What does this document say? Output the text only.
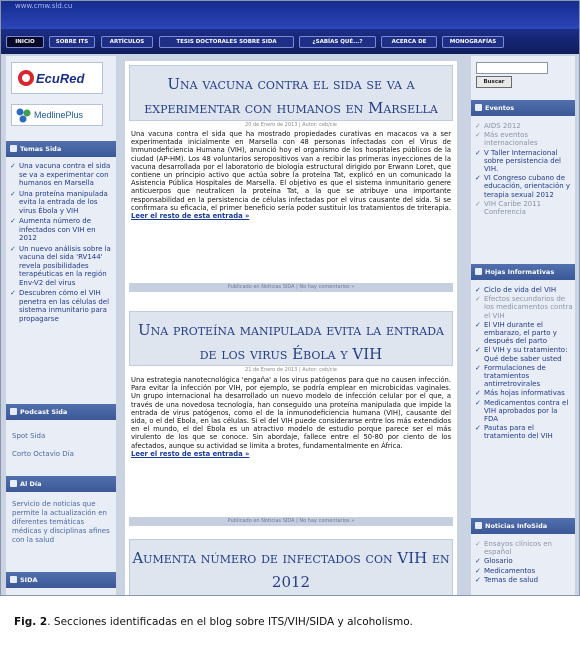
www.cmw.sld.cu
INICIO	SOBRE ITS	ARTÍCULOS	TESIS DOCTORALES SOBRE SIDA	¿SABÍAS QUÉ...?	ACERCA DE	MONOGRAFÍAS
EcuRed
MedlinePlus
Temas Sida
✓ Una vacuna contra el sida se va a experimentar con humanos en Marsella
✓ Una proteína manipulada evita la entrada de los virus Ébola y VIH
✓ Aumenta número de infectados con VIH en 2012
✓ Un nuevo análisis sobre la vacuna del sida 'RV144' revela posibilidades terapéuticas en la región Env-V2 del virus
✓ Descubren cómo el VIH penetra en las células del sistema inmunitario para propagarse
Podcast Sida
Spot Sida
Corto Octavio Día
Al Día
Servicio de noticias que permite la actualización en diferentes temáticas médicas y disciplinas afines con la salud
SIDA
Una vacuna contra el sida se va a experimentar con humanos en Marsella
20 de Enero de 2013 | Autor: ceb/cie
Una vacuna contra el sida que ha mostrado propiedades curativas en macacos va a ser experimentada inicialmente en Marsella con 48 personas infectadas con el Virus de Inmunodeficiencia Humana (VIH), anunció hoy el organismo de los hospitales públicos de la ciudad (AP-HM). Los 48 voluntarios seropositivos van a recibir las primeras inyecciones de la vacuna desarrollada por el laboratorio de biología estructural dirigido por Erwann Loret, que contiene un principio activo que actúa sobre la proteína Tat, explicó en un comunicado la Asistencia Pública Hospitales de Marsella. El objetivo es que el sistema inmunitario genere anticuerpos que neutralicen la proteína Tat, a la que se atribuye una importante responsabilidad en la persistencia de células infectadas por el virus causante del sida. Si se confirmara su eficacia, el primer beneficio sería poder sustituir los tratamientos de triterapia. Leer el resto de esta entrada »
Publicado en Noticias SIDA | No hay comentarios »
Una proteína manipulada evita la entrada de los virus Ébola y VIH
21 de Enero de 2013 | Autor: ceb/cie
Una estrategia nanotecnológica 'engaña' a los virus patógenos para que no causen infección. Para evitar la infección por VIH, por ejemplo, se podría emplear en microbicidas vaginales. Un grupo internacional ha desarrollado un nuevo modelo de infección celular por el que, a través de una novedosa tecnología, han conseguido una proteína manipulada que impide la entrada de virus patógenos, como el de la inmunodeficiencia humana (VIH), causante del sida, o el del Ébola, en las células. Si el del VIH puede considerarse entre los más extendidos en el mundo, el del Ébola es un atractivo modelo de estudio porque parece ser el más virulento de los que se conoce. Sin abordaje, fallece entre el 50-80 por ciento de los afectados, aunque su actividad se limita a brotes, fundamentalmente en África.
Leer el resto de esta entrada »
Publicado en Noticias SIDA | No hay comentarios »
Aumenta número de infectados con VIH en 2012
Buscar
Eventos
✓ AIDS 2012
✓ Más eventos internacionales
✓ V Taller Internacional sobre persistencia del VIH.
✓ VI Congreso cubano de educación, orientación y terapia sexual 2012
✓ VIH Caribe 2011 Conferencia
Hojas Informativas
✓ Ciclo de vida del VIH
✓ Efectos secundarios de los medicamentos contra el VIH
✓ El VIH durante el embarazo, el parto y después del parto
✓ El VIH y su tratamiento: Qué debe saber usted
✓ Formulaciones de tratamientos antirretrovirales
✓ Más hojas informativas
✓ Medicamentos contra el VIH aprobados por la FDA
✓ Pautas para el tratamiento del VIH
Noticias InfoSida
✓ Ensayos clínicos en español
✓ Glosario
✓ Medicamentos
✓ Temas de salud
Fig. 2. Secciones identificadas en el blog sobre ITS/VIH/SIDA y alcoholismo.
